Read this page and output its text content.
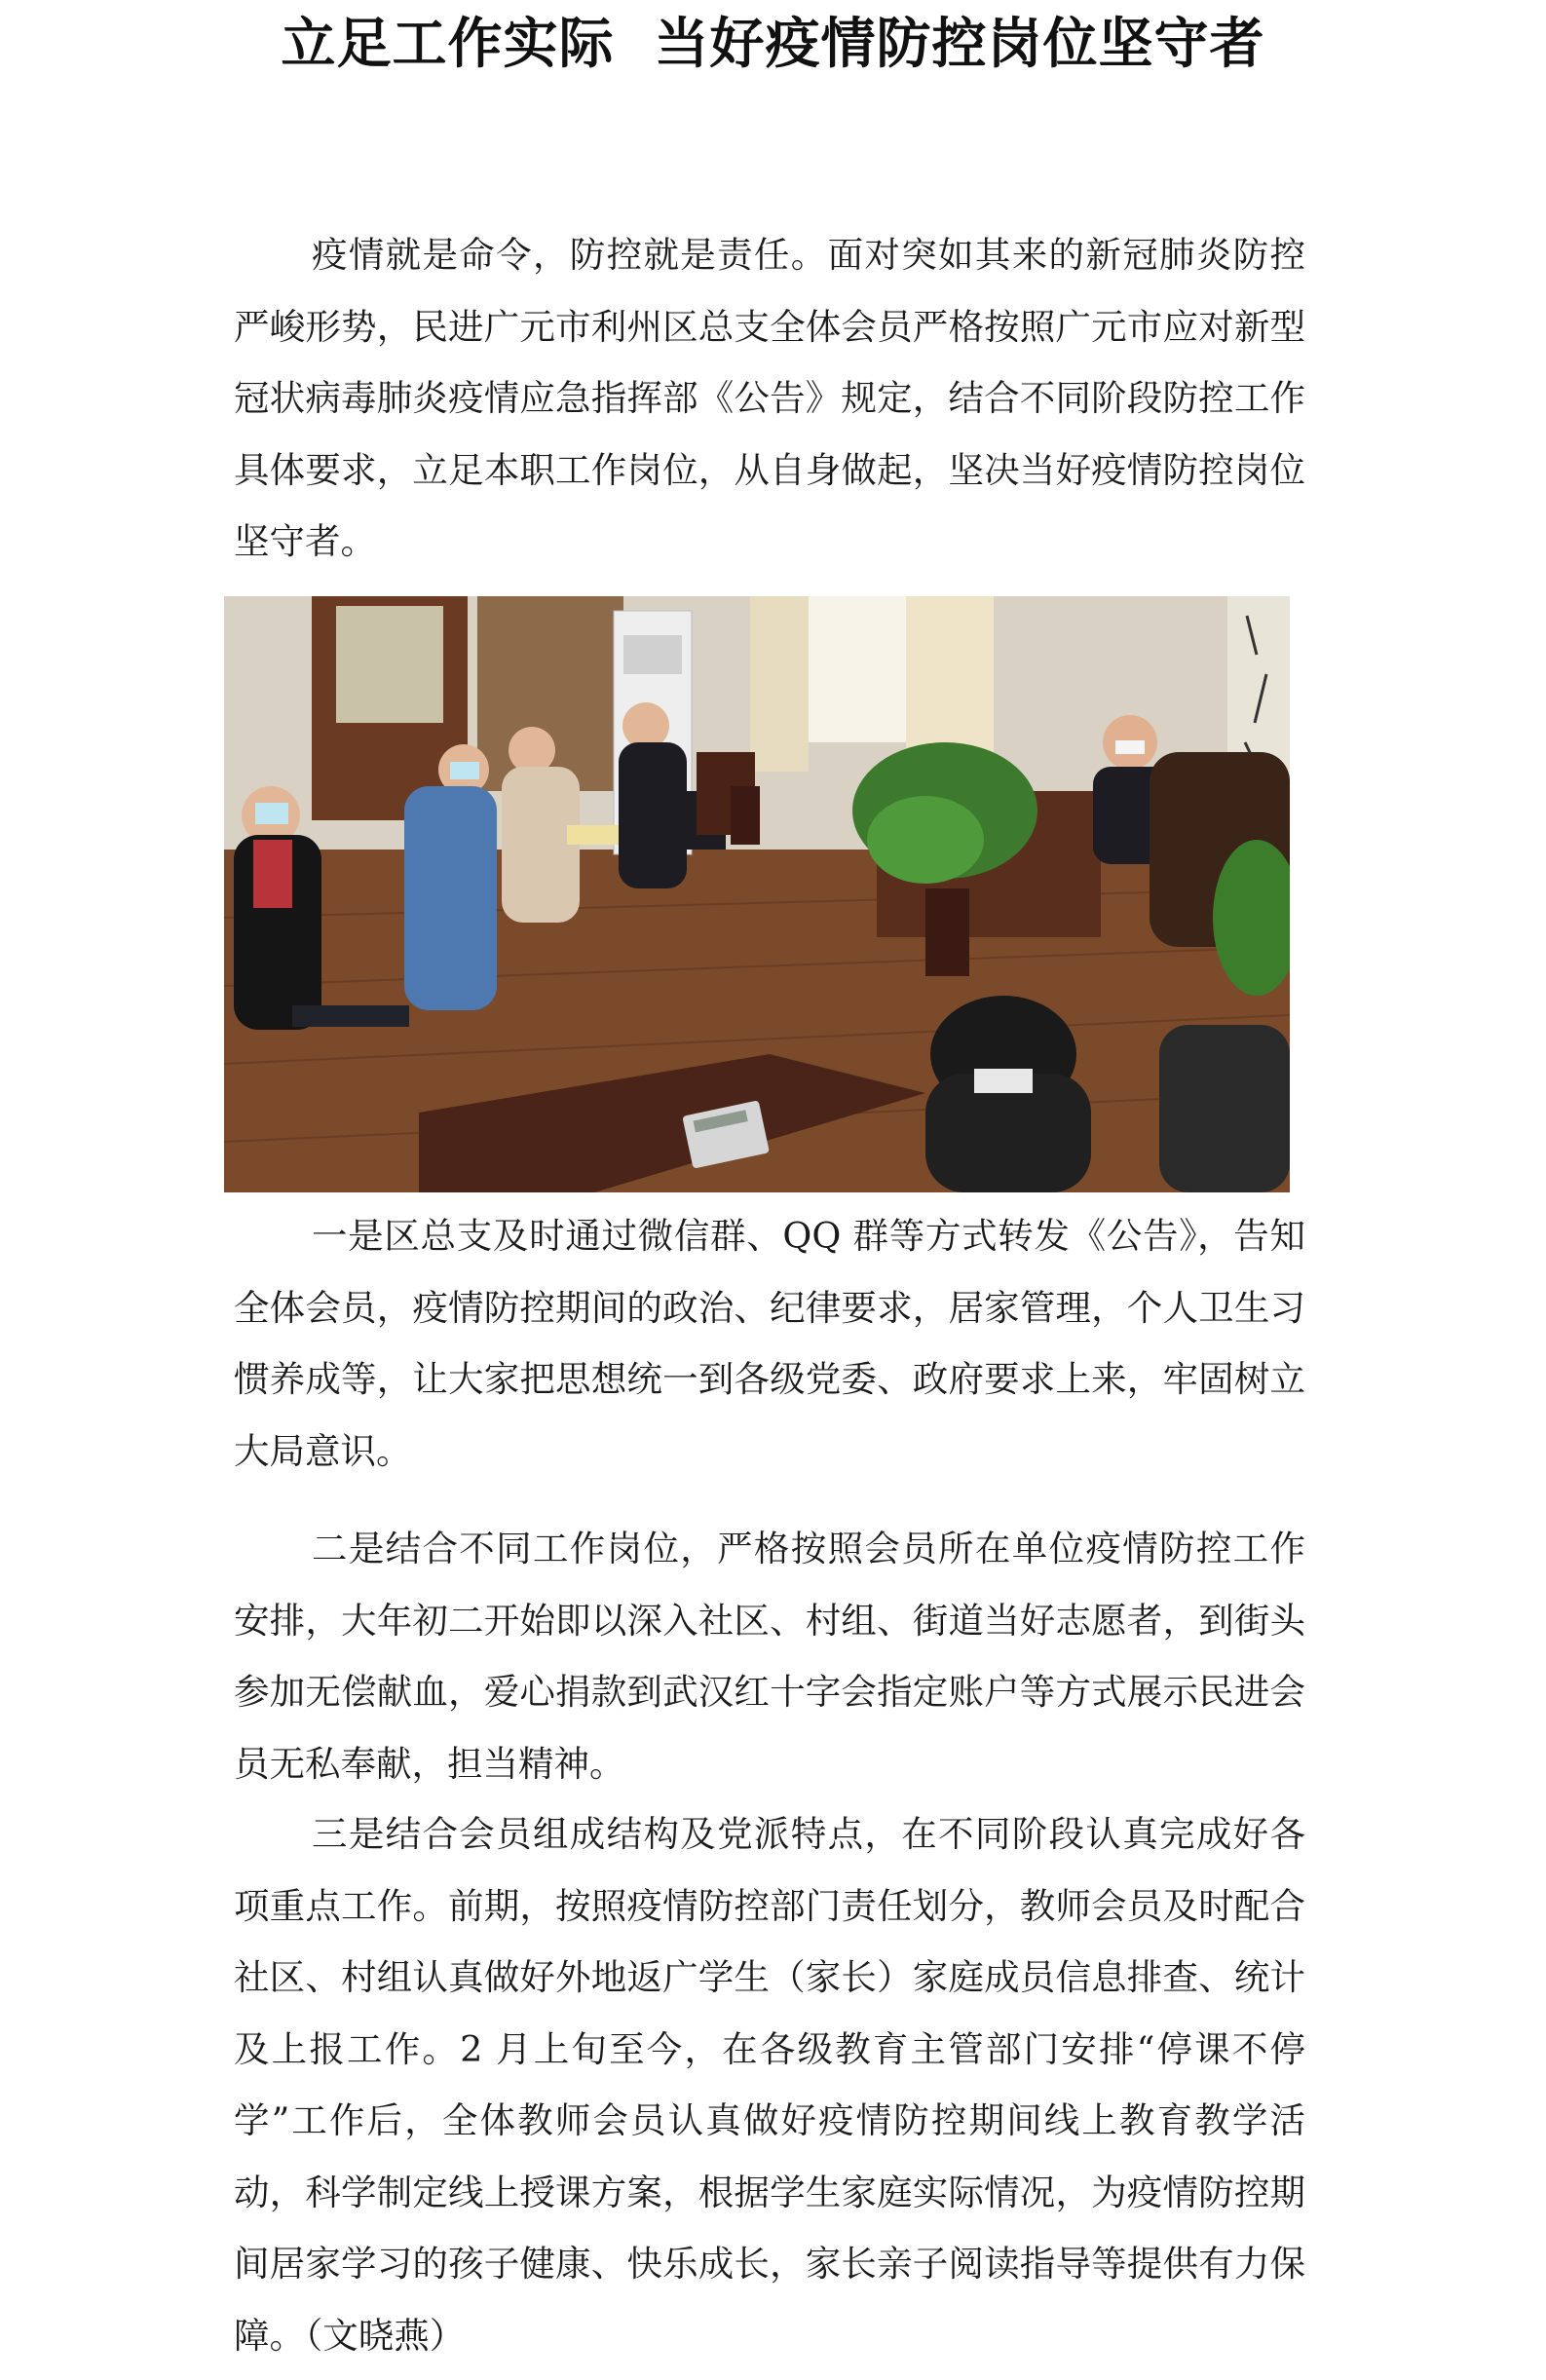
立足工作实际  当好疫情防控岗位坚守者

疫情就是命令，防控就是责任。面对突如其来的新冠肺炎防控严峻形势，民进广元市利州区总支全体会员严格按照广元市应对新型冠状病毒肺炎疫情应急指挥部《公告》规定，结合不同阶段防控工作具体要求，立足本职工作岗位，从自身做起，坚决当好疫情防控岗位坚守者。

一是区总支及时通过微信群、QQ 群等方式转发《公告》，告知全体会员，疫情防控期间的政治、纪律要求，居家管理，个人卫生习惯养成等，让大家把思想统一到各级党委、政府要求上来，牢固树立大局意识。

二是结合不同工作岗位，严格按照会员所在单位疫情防控工作安排，大年初二开始即以深入社区、村组、街道当好志愿者，到街头参加无偿献血，爱心捐款到武汉红十字会指定账户等方式展示民进会员无私奉献，担当精神。

三是结合会员组成结构及党派特点，在不同阶段认真完成好各项重点工作。前期，按照疫情防控部门责任划分，教师会员及时配合社区、村组认真做好外地返广学生（家长）家庭成员信息排查、统计及上报工作。2 月上旬至今，在各级教育主管部门安排“停课不停学”工作后，全体教师会员认真做好疫情防控期间线上教育教学活动，科学制定线上授课方案，根据学生家庭实际情况，为疫情防控期间居家学习的孩子健康、快乐成长，家长亲子阅读指导等提供有力保障。（文晓燕）
